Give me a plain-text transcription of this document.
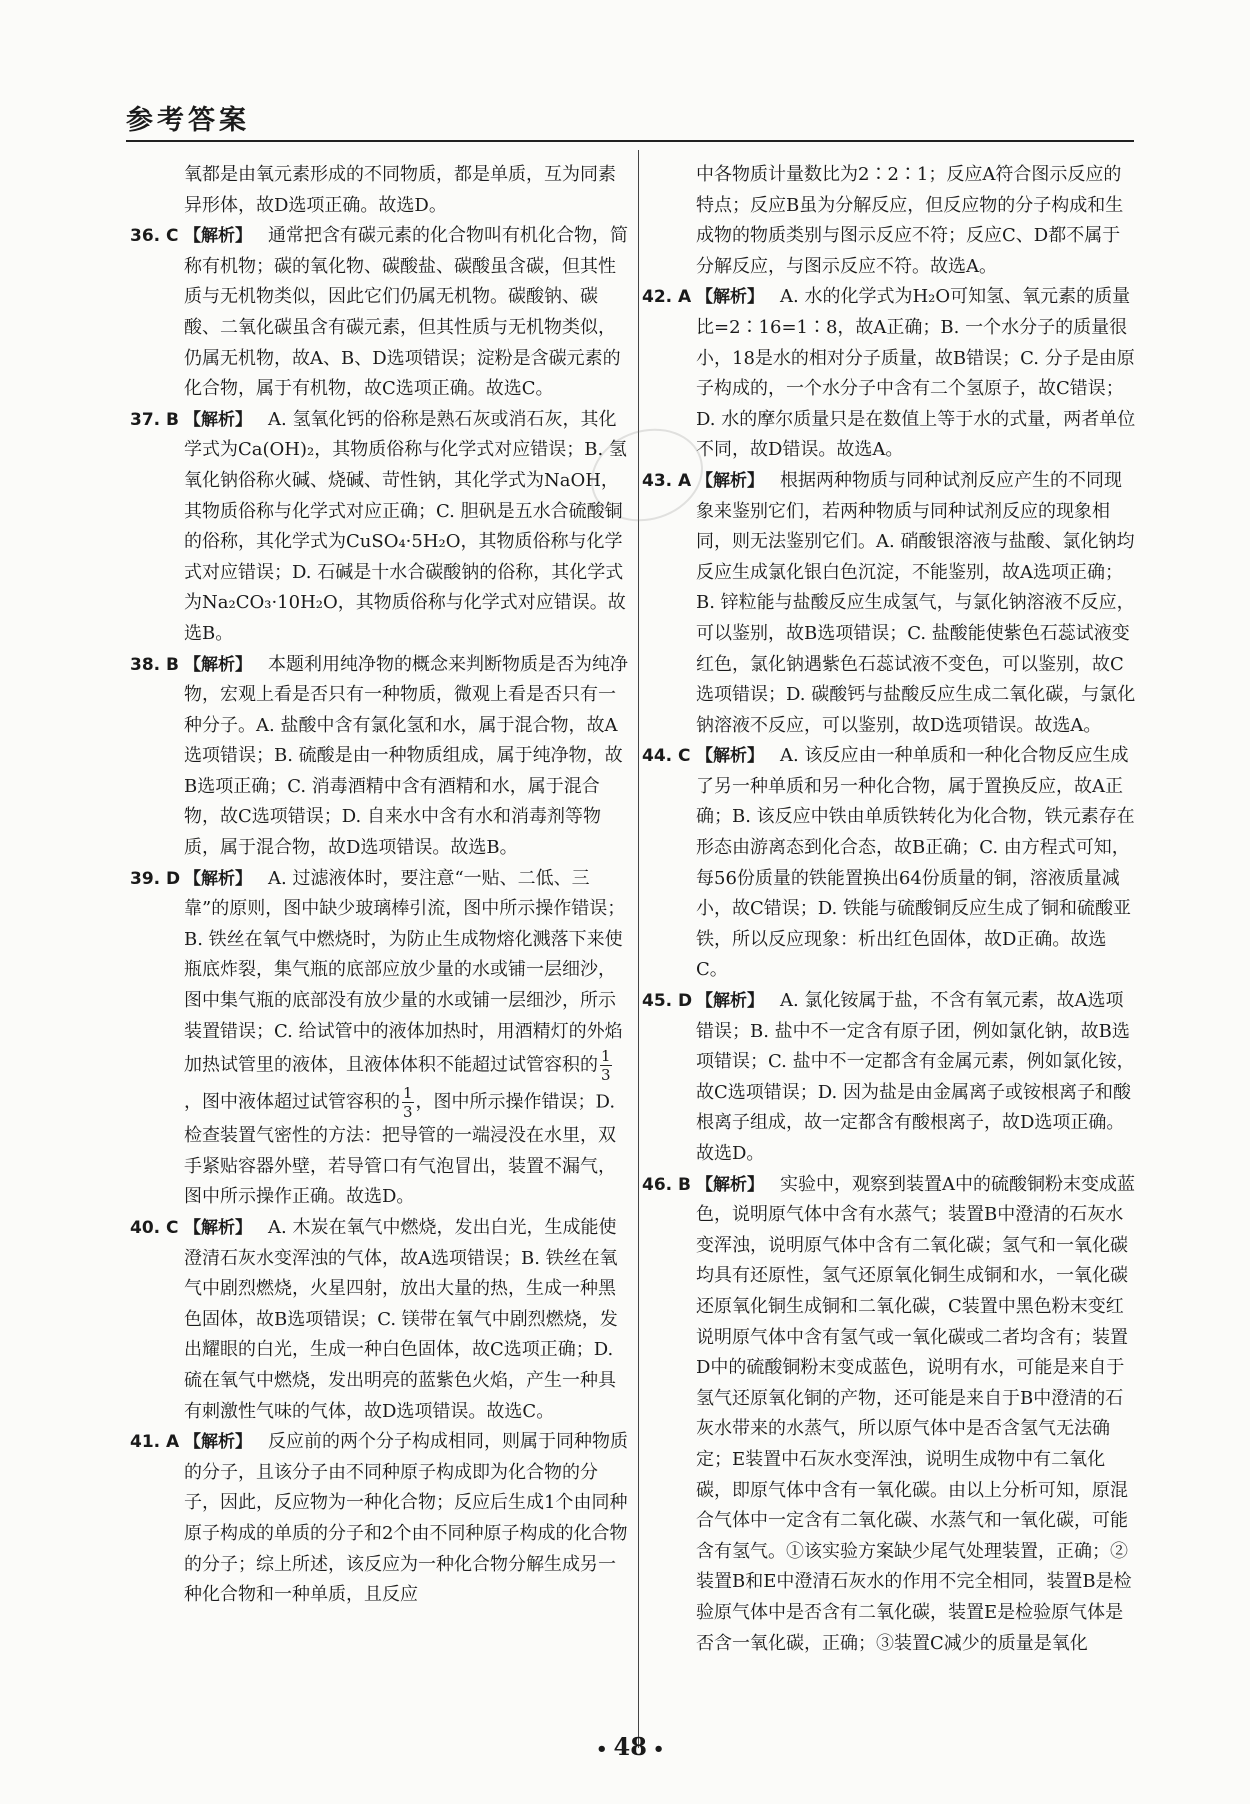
参考答案
氧都是由氧元素形成的不同物质，都是单质，互为同素异形体，故D选项正确。故选D。
36. C 【解析】 通常把含有碳元素的化合物叫有机化合物，简称有机物；碳的氧化物、碳酸盐、碳酸虽含碳，但其性质与无机物类似，因此它们仍属无机物。碳酸钠、碳酸、二氧化碳虽含有碳元素，但其性质与无机物类似，仍属无机物，故A、B、D选项错误；淀粉是含碳元素的化合物，属于有机物，故C选项正确。故选C。
37. B 【解析】 A. 氢氧化钙的俗称是熟石灰或消石灰，其化学式为Ca(OH)₂，其物质俗称与化学式对应错误；B. 氢氧化钠俗称火碱、烧碱、苛性钠，其化学式为NaOH，其物质俗称与化学式对应正确；C. 胆矾是五水合硫酸铜的俗称，其化学式为CuSO₄·5H₂O，其物质俗称与化学式对应错误；D. 石碱是十水合碳酸钠的俗称，其化学式为Na₂CO₃·10H₂O，其物质俗称与化学式对应错误。故选B。
38. B 【解析】 本题利用纯净物的概念来判断物质是否为纯净物，宏观上看是否只有一种物质，微观上看是否只有一种分子。A. 盐酸中含有氯化氢和水，属于混合物，故A选项错误；B. 硫酸是由一种物质组成，属于纯净物，故B选项正确；C. 消毒酒精中含有酒精和水，属于混合物，故C选项错误；D. 自来水中含有水和消毒剂等物质，属于混合物，故D选项错误。故选B。
39. D 【解析】 A. 过滤液体时，要注意“一贴、二低、三靠”的原则，图中缺少玻璃棒引流，图中所示操作错误；B. 铁丝在氧气中燃烧时，为防止生成物熔化溅落下来使瓶底炸裂，集气瓶的底部应放少量的水或铺一层细沙，图中集气瓶的底部没有放少量的水或铺一层细沙，所示装置错误；C. 给试管中的液体加热时，用酒精灯的外焰加热试管里的液体，且液体体积不能超过试管容积的 $\frac{1}{3}$
，图中液体超过试管容积的 $\frac{1}{3}$ ，图中所示操作错误；D. 检查装置气密性的方法：把导管的一端浸没在水里，双手紧贴容器外壁，若导管口有气泡冒出，装置不漏气，图中所示操作正确。故选D。
40. C 【解析】 A. 木炭在氧气中燃烧，发出白光，生成能使澄清石灰水变浑浊的气体，故A选项错误；B. 铁丝在氧气中剧烈燃烧，火星四射，放出大量的热，生成一种黑色固体，故B选项错误；C. 镁带在氧气中剧烈燃烧，发出耀眼的白光，生成一种白色固体，故C选项正确；D. 硫在氧气中燃烧，发出明亮的蓝紫色火焰，产生一种具有刺激性气味的气体，故D选项错误。故选C。
41. A 【解析】 反应前的两个分子构成相同，则属于同种物质的分子，且该分子由不同种原子构成即为化合物的分子，因此，反应物为一种化合物；反应后生成1个由同种原子构成的单质的分子和2个由不同种原子构成的化合物的分子；综上所述，该反应为一种化合物分解生成另一种化合物和一种单质，且反应
中各物质计量数比为2∶2∶1；反应A符合图示反应的特点；反应B虽为分解反应，但反应物的分子构成和生成物的物质类别与图示反应不符；反应C、D都不属于分解反应，与图示反应不符。故选A。
42. A 【解析】 A. 水的化学式为H₂O可知氢、氧元素的质量比=2∶16=1∶8，故A正确；B. 一个水分子的质量很小，18是水的相对分子质量，故B错误；C. 分子是由原子构成的，一个水分子中含有二个氢原子，故C错误；D. 水的摩尔质量只是在数值上等于水的式量，两者单位不同，故D错误。故选A。
43. A 【解析】 根据两种物质与同种试剂反应产生的不同现象来鉴别它们，若两种物质与同种试剂反应的现象相同，则无法鉴别它们。A. 硝酸银溶液与盐酸、氯化钠均反应生成氯化银白色沉淀，不能鉴别，故A选项正确；B. 锌粒能与盐酸反应生成氢气，与氯化钠溶液不反应，可以鉴别，故B选项错误；C. 盐酸能使紫色石蕊试液变红色，氯化钠遇紫色石蕊试液不变色，可以鉴别，故C选项错误；D. 碳酸钙与盐酸反应生成二氧化碳，与氯化钠溶液不反应，可以鉴别，故D选项错误。故选A。
44. C 【解析】 A. 该反应由一种单质和一种化合物反应生成了另一种单质和另一种化合物，属于置换反应，故A正确；B. 该反应中铁由单质铁转化为化合物，铁元素存在形态由游离态到化合态，故B正确；C. 由方程式可知，每56份质量的铁能置换出64份质量的铜，溶液质量减小，故C错误；D. 铁能与硫酸铜反应生成了铜和硫酸亚铁，所以反应现象：析出红色固体，故D正确。故选C。
45. D 【解析】 A. 氯化铵属于盐，不含有氧元素，故A选项错误；B. 盐中不一定含有原子团，例如氯化钠，故B选项错误；C. 盐中不一定都含有金属元素，例如氯化铵，故C选项错误；D. 因为盐是由金属离子或铵根离子和酸根离子组成，故一定都含有酸根离子，故D选项正确。故选D。
46. B 【解析】 实验中，观察到装置A中的硫酸铜粉末变成蓝色，说明原气体中含有水蒸气；装置B中澄清的石灰水变浑浊，说明原气体中含有二氧化碳；氢气和一氧化碳均具有还原性，氢气还原氧化铜生成铜和水，一氧化碳还原氧化铜生成铜和二氧化碳，C装置中黑色粉末变红说明原气体中含有氢气或一氧化碳或二者均含有；装置D中的硫酸铜粉末变成蓝色，说明有水，可能是来自于氢气还原氧化铜的产物，还可能是来自于B中澄清的石灰水带来的水蒸气，所以原气体中是否含氢气无法确定；E装置中石灰水变浑浊，说明生成物中有二氧化碳，即原气体中含有一氧化碳。由以上分析可知，原混合气体中一定含有二氧化碳、水蒸气和一氧化碳，可能含有氢气。①该实验方案缺少尾气处理装置，正确；②装置B和E中澄清石灰水的作用不完全相同，装置B是检验原气体中是否含有二氧化碳，装置E是检验原气体是否含一氧化碳，正确；③装置C减少的质量是氧化
• 48 •
